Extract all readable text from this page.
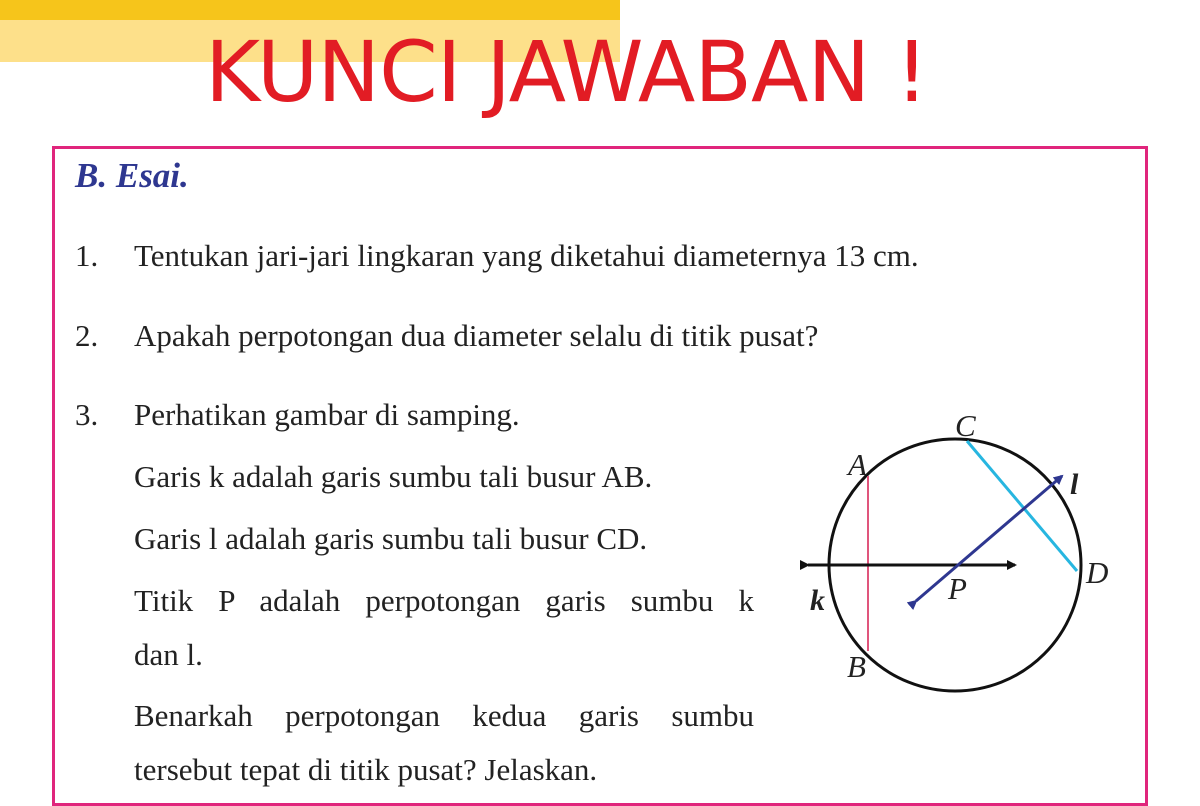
KUNCI JAWABAN !
B. Esai.
1. Tentukan jari-jari lingkaran yang diketahui diameternya 13 cm.
2. Apakah perpotongan dua diameter selalu di titik pusat?
3. Perhatikan gambar di samping.
Garis k adalah garis sumbu tali busur AB.
Garis l adalah garis sumbu tali busur CD.
Titik P adalah perpotongan garis sumbu k
dan l.
Benarkah perpotongan kedua garis sumbu
tersebut tepat di titik pusat? Jelaskan.
C
A
l
D
P
k
B
